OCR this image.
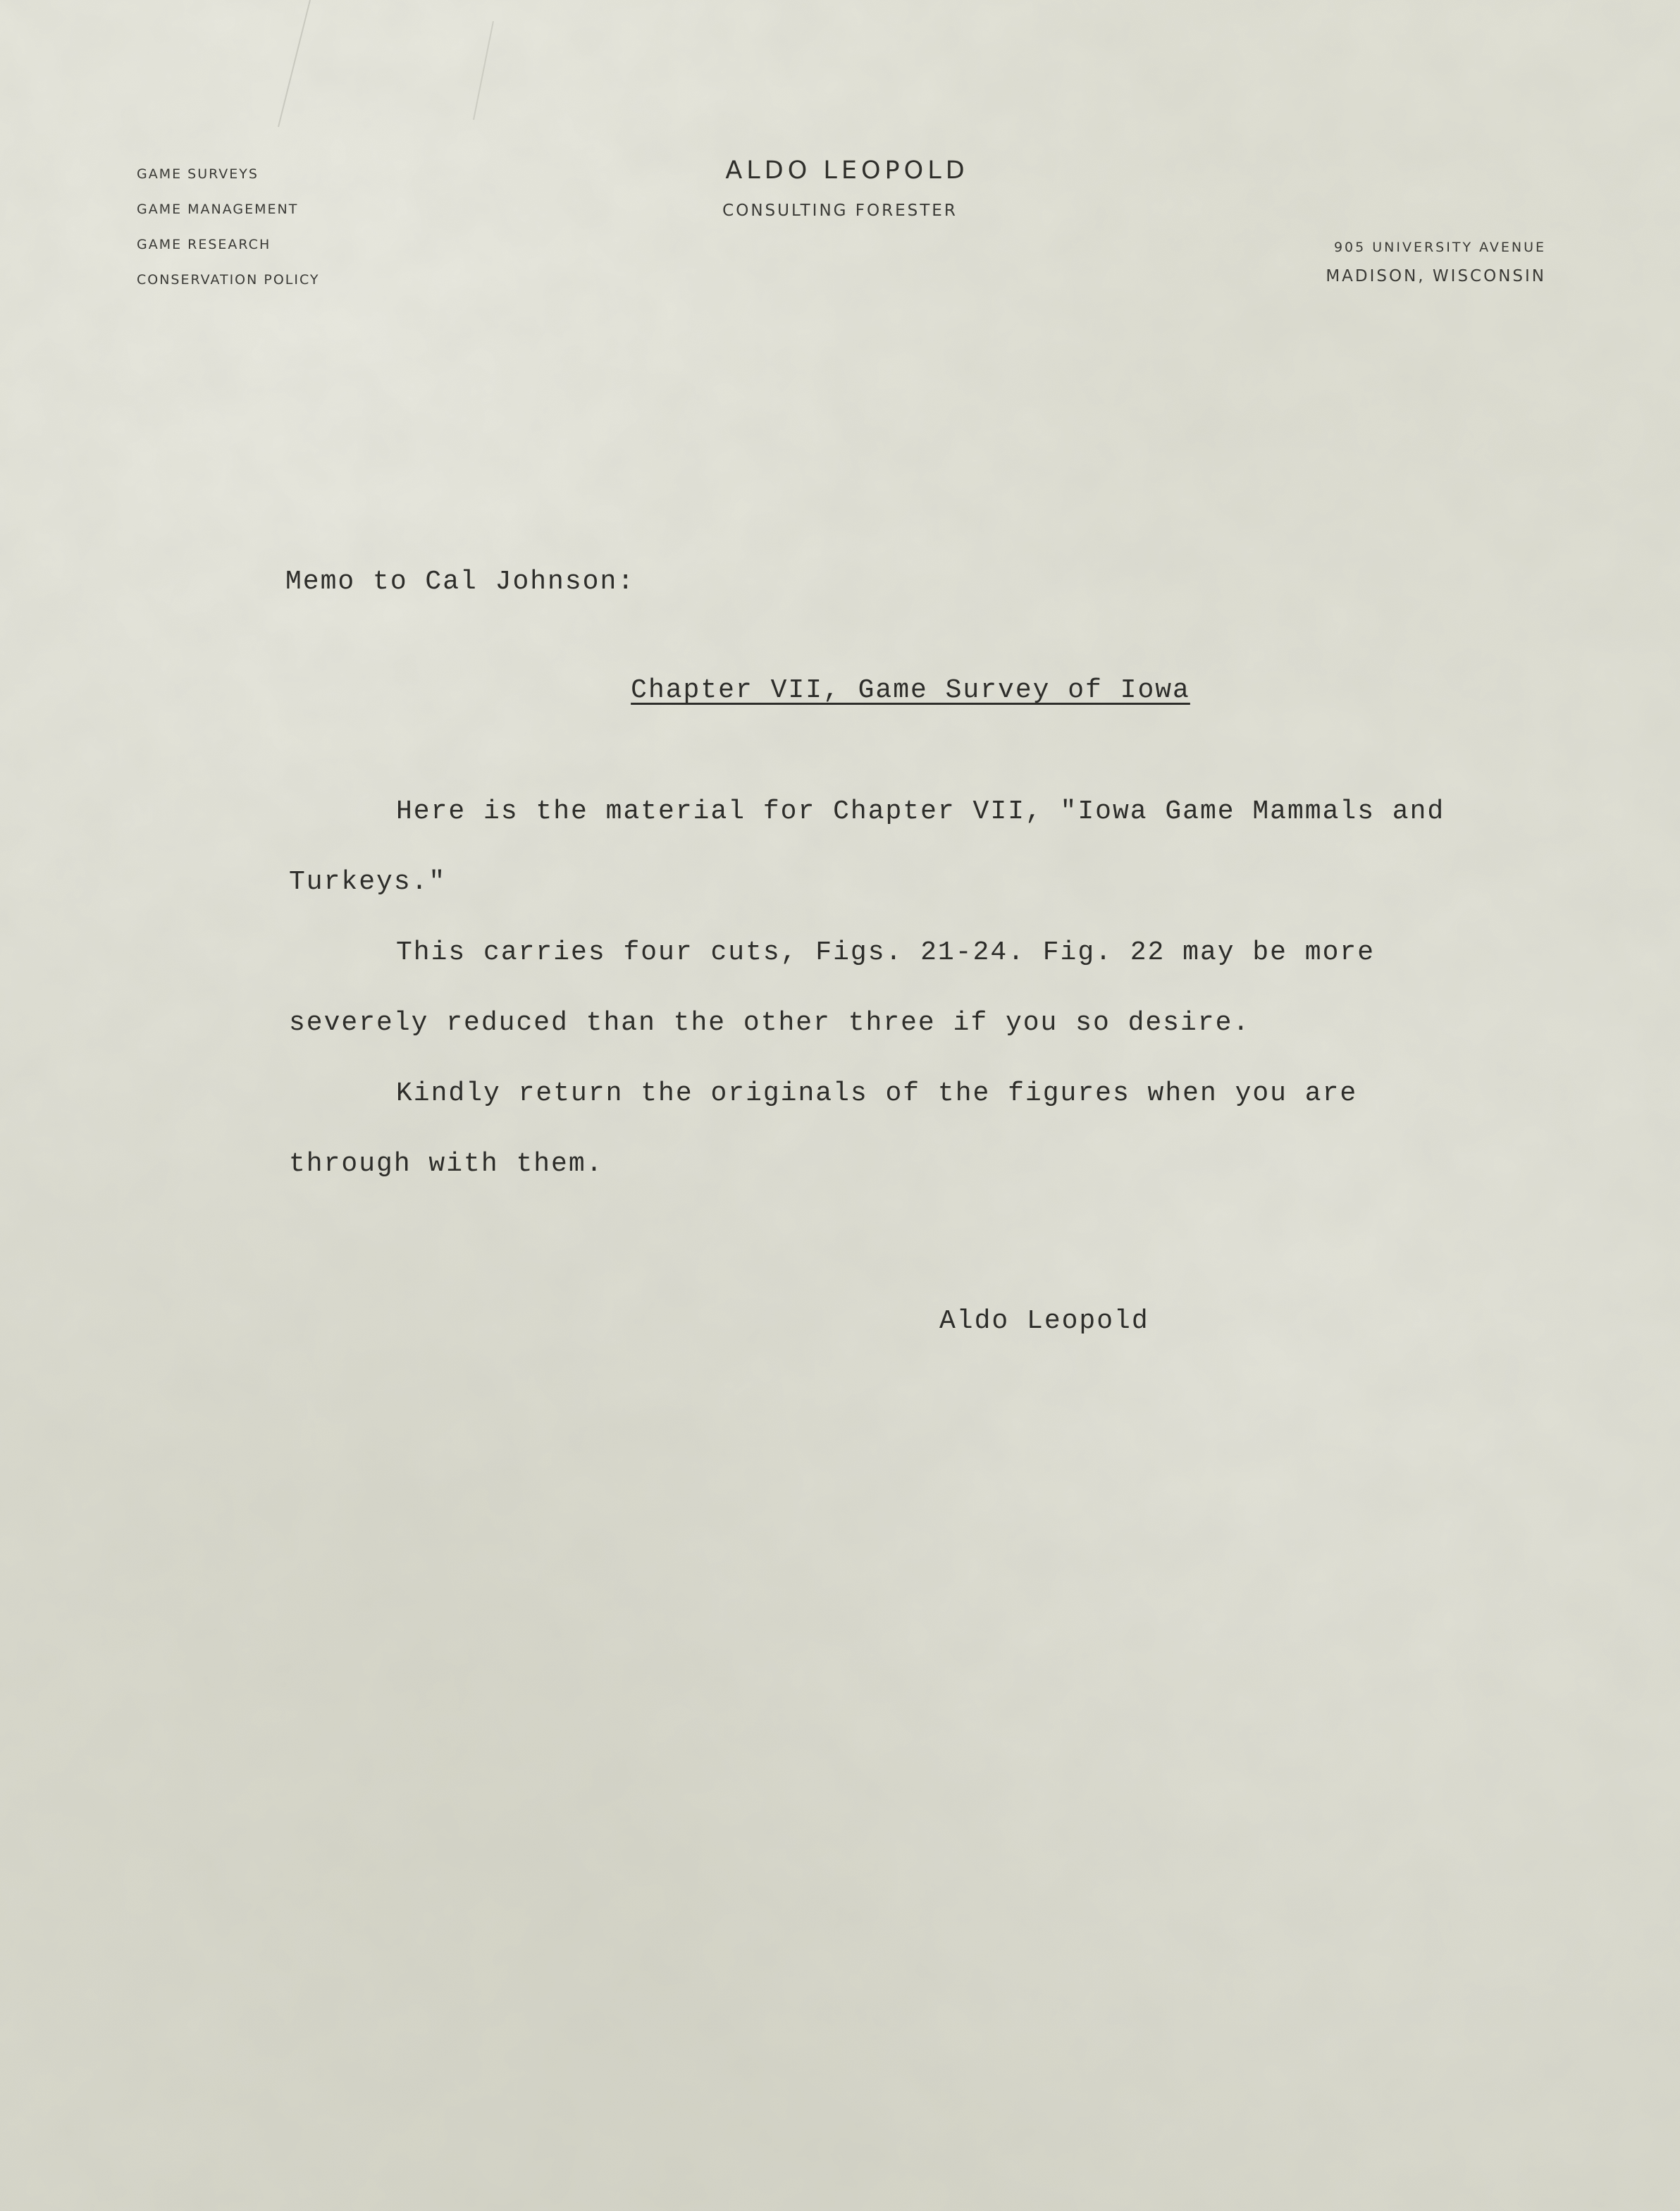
GAME SURVEYS
GAME MANAGEMENT
GAME RESEARCH
CONSERVATION POLICY
ALDO LEOPOLD
CONSULTING FORESTER
905 UNIVERSITY AVENUE
MADISON, WISCONSIN
Memo to Cal Johnson:
Chapter VII, Game Survey of Iowa

Here is the material for Chapter VII, "Iowa Game Mammals and Turkeys."

This carries four cuts, Figs. 21-24. Fig. 22 may be more severely reduced than the other three if you so desire.

Kindly return the originals of the figures when you are through with them.

Aldo Leopold
